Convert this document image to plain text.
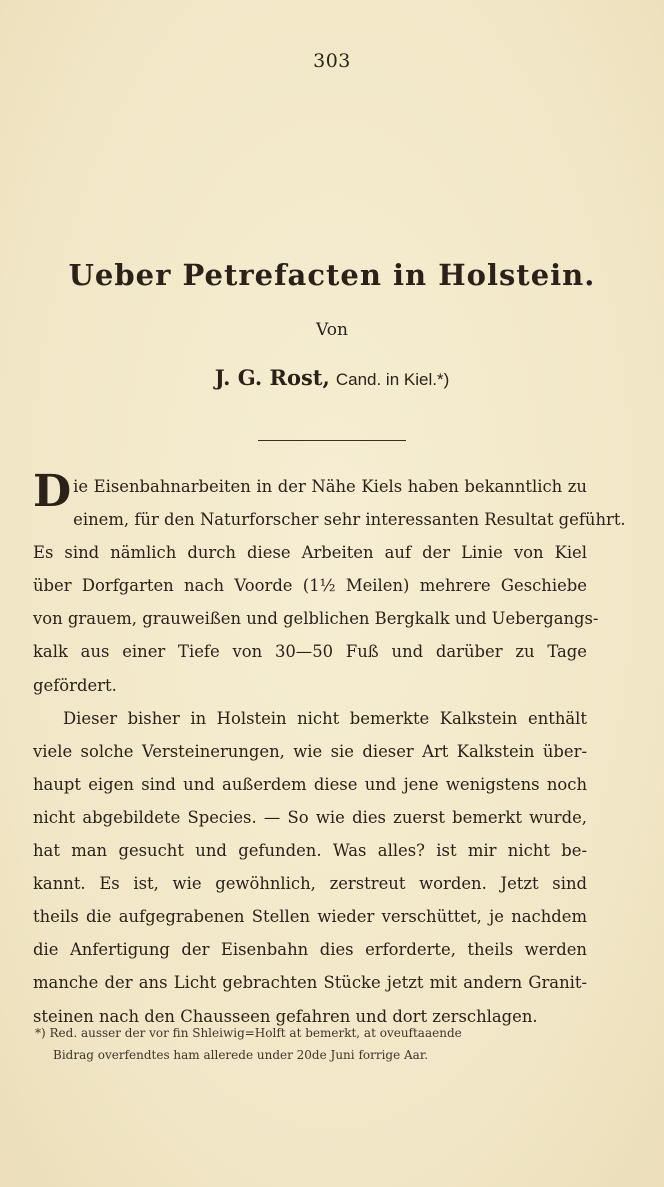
303
Ueber Petrefacten in Holstein.
Von
J. G. Rost, Cand. in Kiel.*)
Die Eisenbahnarbeiten in der Nähe Kiels haben bekanntlich zu
einem, für den Naturforscher sehr interessanten Resultat geführt.
Es sind nämlich durch diese Arbeiten auf der Linie von Kiel
über Dorfgarten nach Voorde (1½ Meilen) mehrere Geschiebe
von grauem, grauweißen und gelblichen Bergkalk und Uebergangs-
kalk aus einer Tiefe von 30—50 Fuß und darüber zu Tage
gefördert.
Dieser bisher in Holstein nicht bemerkte Kalkstein enthält
viele solche Versteinerungen, wie sie dieser Art Kalkstein über-
haupt eigen sind und außerdem diese und jene wenigstens noch
nicht abgebildete Species. — So wie dies zuerst bemerkt wurde,
hat man gesucht und gefunden. Was alles? ist mir nicht be-
kannt. Es ist, wie gewöhnlich, zerstreut worden. Jetzt sind
theils die aufgegrabenen Stellen wieder verschüttet, je nachdem
die Anfertigung der Eisenbahn dies erforderte, theils werden
manche der ans Licht gebrachten Stücke jetzt mit andern Granit-
steinen nach den Chausseen gefahren und dort zerschlagen.
*) Red. ausser der vor fin Shleiwig=Holft at bemerkt, at oveuftaaende
Bidrag overfendtes ham allerede under 20de Juni forrige Aar.
